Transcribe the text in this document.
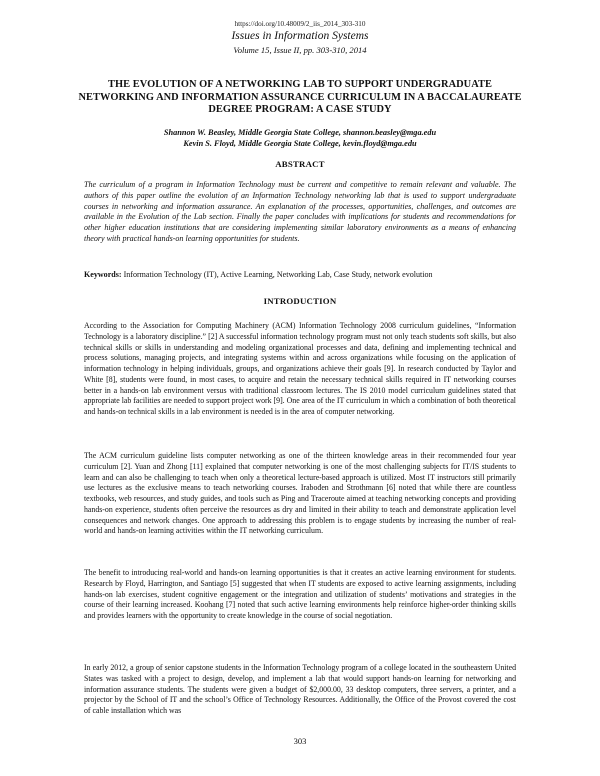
https://doi.org/10.48009/2_iis_2014_303-310
Issues in Information Systems
Volume 15, Issue II, pp. 303-310, 2014
THE EVOLUTION OF A NETWORKING LAB TO SUPPORT UNDERGRADUATE NETWORKING AND INFORMATION ASSURANCE CURRICULUM IN A BACCALAUREATE DEGREE PROGRAM: A CASE STUDY
Shannon W. Beasley, Middle Georgia State College, shannon.beasley@mga.edu
Kevin S. Floyd, Middle Georgia State College, kevin.floyd@mga.edu
ABSTRACT
The curriculum of a program in Information Technology must be current and competitive to remain relevant and valuable. The authors of this paper outline the evolution of an Information Technology networking lab that is used to support undergraduate courses in networking and information assurance. An explanation of the processes, opportunities, challenges, and outcomes are available in the Evolution of the Lab section. Finally the paper concludes with implications for students and recommendations for other higher education institutions that are considering implementing similar laboratory environments as a means of enhancing theory with practical hands-on learning opportunities for students.
Keywords: Information Technology (IT), Active Learning, Networking Lab, Case Study, network evolution
INTRODUCTION
According to the Association for Computing Machinery (ACM) Information Technology 2008 curriculum guidelines, “Information Technology is a laboratory discipline.” [2] A successful information technology program must not only teach students soft skills, but also technical skills or skills in understanding and modeling organizational processes and data, defining and implementing technical and process solutions, managing projects, and integrating systems within and across organizations while focusing on the application of information technology in helping individuals, groups, and organizations achieve their goals [9]. In research conducted by Taylor and White [8], students were found, in most cases, to acquire and retain the necessary technical skills required in IT networking courses better in a hands-on lab environment versus with traditional classroom lectures. The IS 2010 model curriculum guidelines stated that appropriate lab facilities are needed to support project work [9]. One area of the IT curriculum in which a combination of both theoretical and hands-on technical skills in a lab environment is needed is in the area of computer networking.
The ACM curriculum guideline lists computer networking as one of the thirteen knowledge areas in their recommended four year curriculum [2]. Yuan and Zhong [11] explained that computer networking is one of the most challenging subjects for IT/IS students to learn and can also be challenging to teach when only a theoretical lecture-based approach is utilized. Most IT instructors still primarily use lectures as the exclusive means to teach networking courses. Irabođen and Strothmann [6] noted that while there are countless textbooks, web resources, and study guides, and tools such as Ping and Traceroute aimed at teaching networking concepts and providing hands-on experience, students often perceive the resources as dry and limited in their ability to teach and demonstrate application level consequences and network changes. One approach to addressing this problem is to engage students by increasing the number of real-world and hands-on learning activities within the IT networking curriculum.
The benefit to introducing real-world and hands-on learning opportunities is that it creates an active learning environment for students. Research by Floyd, Harrington, and Santiago [5] suggested that when IT students are exposed to active learning assignments, including hands-on lab exercises, student cognitive engagement or the integration and utilization of students’ motivations and strategies in the course of their learning increased. Koohang [7] noted that such active learning environments help reinforce higher-order thinking skills and provides learners with the opportunity to create knowledge in the course of social negotiation.
In early 2012, a group of senior capstone students in the Information Technology program of a college located in the southeastern United States was tasked with a project to design, develop, and implement a lab that would support hands-on learning for networking and information assurance students. The students were given a budget of $2,000.00, 33 desktop computers, three servers, a printer, and a projector by the School of IT and the school’s Office of Technology Resources. Additionally, the Office of the Provost covered the cost of cable installation which was
303
